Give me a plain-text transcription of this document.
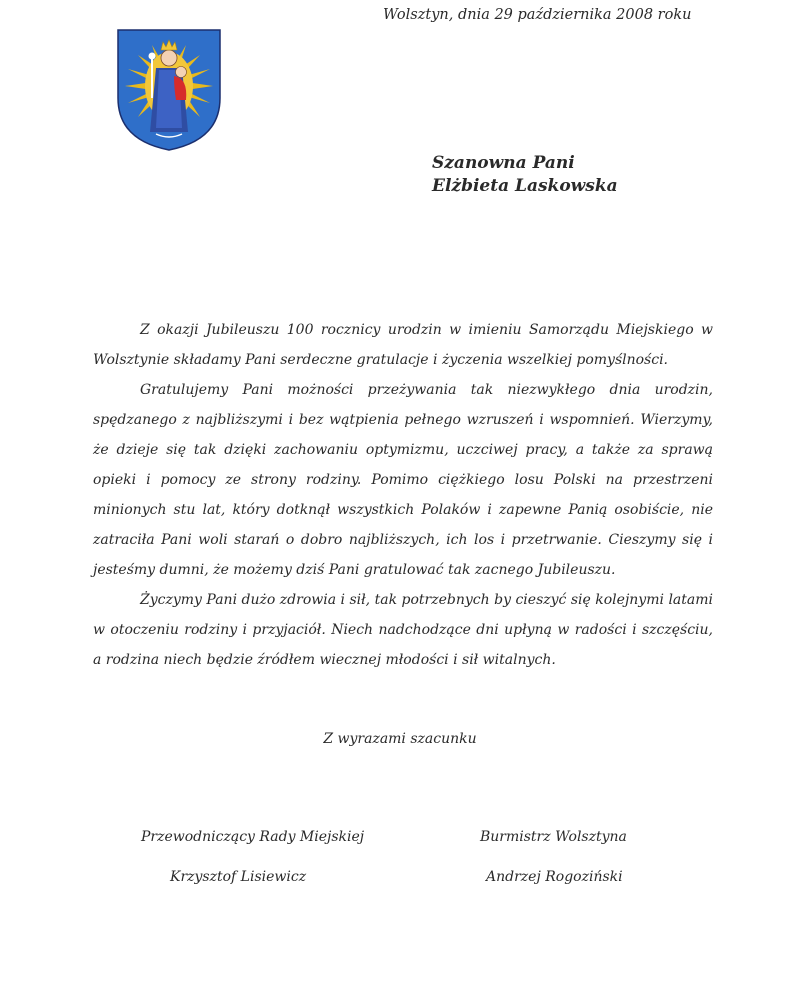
Wolsztyn, dnia 29 października 2008 roku
Szanowna Pani
Elżbieta Laskowska

Z okazji Jubileuszu 100 rocznicy urodzin w imieniu Samorządu Miejskiego w Wolsztynie składamy Pani serdeczne gratulacje i życzenia wszelkiej pomyślności.

Gratulujemy Pani możności przeżywania tak niezwykłego dnia urodzin, spędzanego z najbliższymi i bez wątpienia pełnego wzruszeń i wspomnień. Wierzymy, że dzieje się tak dzięki zachowaniu optymizmu, uczciwej pracy, a także za sprawą opieki i pomocy ze strony rodziny. Pomimo ciężkiego losu Polski na przestrzeni minionych stu lat, który dotknął wszystkich Polaków i zapewne Panią osobiście, nie zatraciła Pani woli starań o dobro najbliższych, ich los i przetrwanie. Cieszymy się i jesteśmy dumni, że możemy dziś Pani gratulować tak zacnego Jubileuszu.

Życzymy Pani dużo zdrowia i sił, tak potrzebnych by cieszyć się kolejnymi latami w otoczeniu rodziny i przyjaciół. Niech nadchodzące dni upłyną w radości i szczęściu, a rodzina niech będzie źródłem wiecznej młodości i sił witalnych.

Z wyrazami szacunku
Przewodniczący Rady Miejskiej
Krzysztof Lisiewicz
Burmistrz Wolsztyna
Andrzej Rogoziński
